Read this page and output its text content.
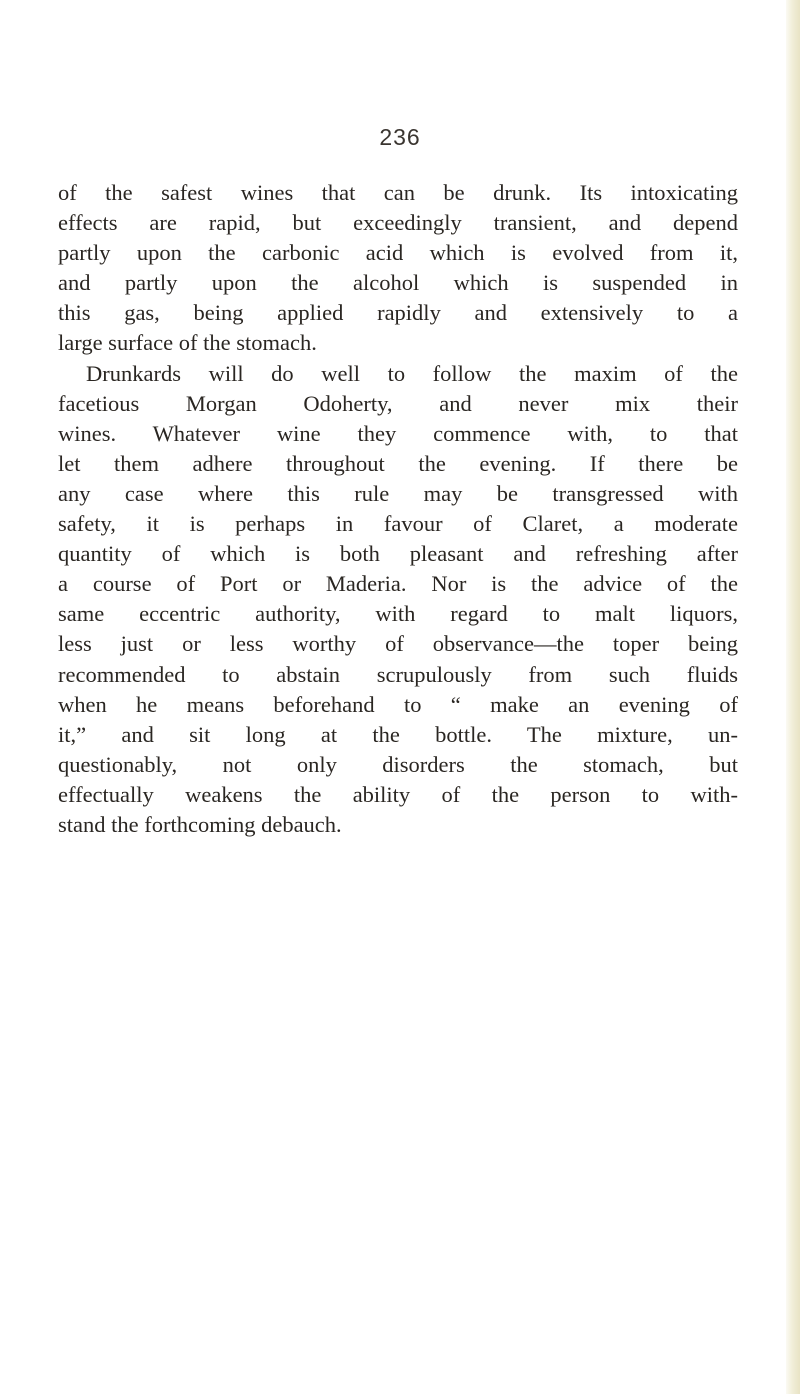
236
of the safest wines that can be drunk. Its intoxicating
effects are rapid, but exceedingly transient, and depend
partly upon the carbonic acid which is evolved from it,
and partly upon the alcohol which is suspended in
this gas, being applied rapidly and extensively to a
large surface of the stomach.
Drunkards will do well to follow the maxim of the
facetious Morgan Odoherty, and never mix their
wines. Whatever wine they commence with, to that
let them adhere throughout the evening. If there be
any case where this rule may be transgressed with
safety, it is perhaps in favour of Claret, a moderate
quantity of which is both pleasant and refreshing after
a course of Port or Maderia. Nor is the advice of the
same eccentric authority, with regard to malt liquors,
less just or less worthy of observance—the toper being
recommended to abstain scrupulously from such fluids
when he means beforehand to “ make an evening of
it,” and sit long at the bottle. The mixture, un-
questionably, not only disorders the stomach, but
effectually weakens the ability of the person to with-
stand the forthcoming debauch.
